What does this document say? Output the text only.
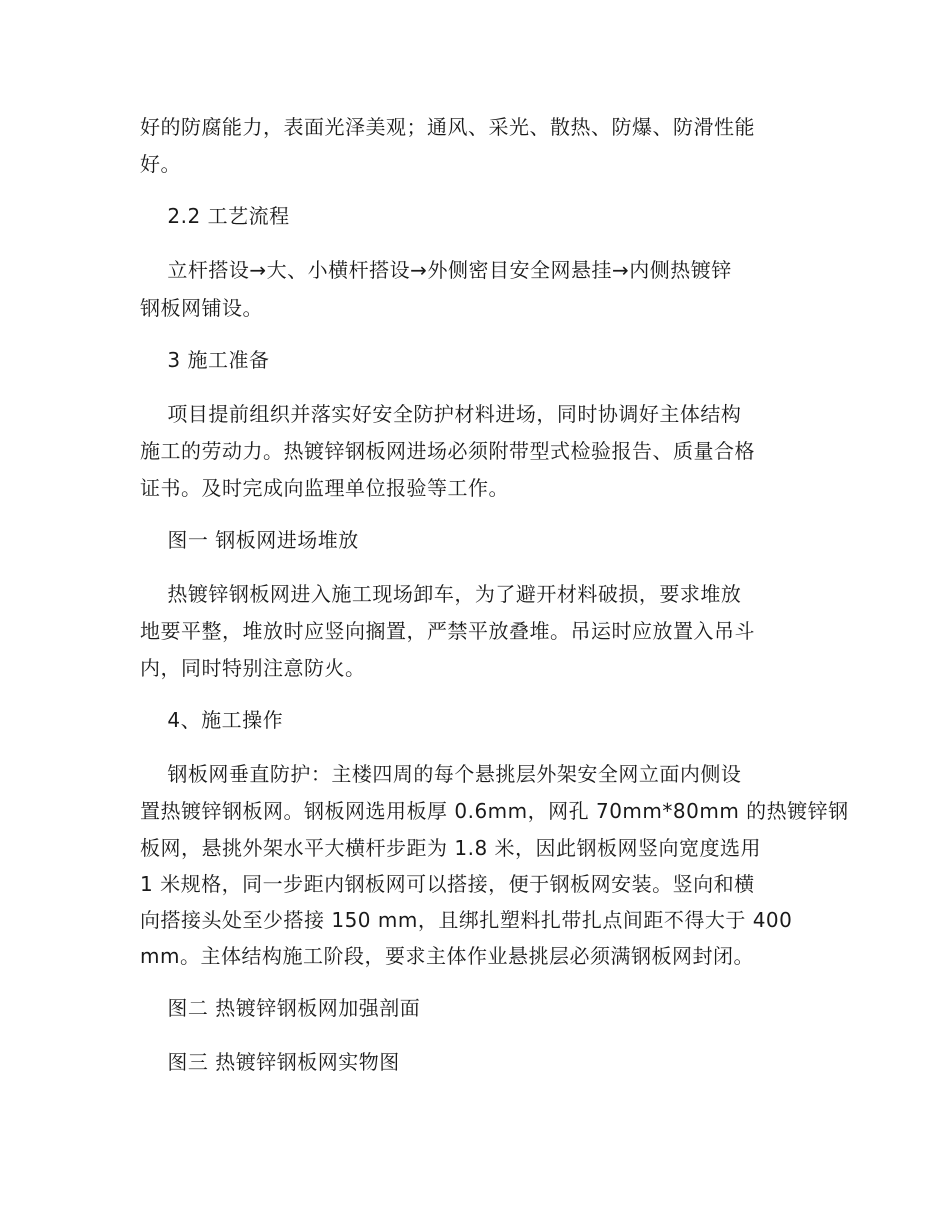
好的防腐能力，表面光泽美观；通风、采光、散热、防爆、防滑性能
好。
2.2 工艺流程
立杆搭设→大、小横杆搭设→外侧密目安全网悬挂→内侧热镀锌
钢板网铺设。
3 施工准备
项目提前组织并落实好安全防护材料进场，同时协调好主体结构
施工的劳动力。热镀锌钢板网进场必须附带型式检验报告、质量合格
证书。及时完成向监理单位报验等工作。
图一 钢板网进场堆放
热镀锌钢板网进入施工现场卸车，为了避开材料破损，要求堆放
地要平整，堆放时应竖向搁置，严禁平放叠堆。吊运时应放置入吊斗
内，同时特别注意防火。
4、施工操作
钢板网垂直防护：主楼四周的每个悬挑层外架安全网立面内侧设
置热镀锌钢板网。钢板网选用板厚 0.6mm，网孔 70mm*80mm 的热镀锌钢
板网，悬挑外架水平大横杆步距为 1.8 米，因此钢板网竖向宽度选用
1 米规格，同一步距内钢板网可以搭接，便于钢板网安装。竖向和横
向搭接头处至少搭接 150 mm，且绑扎塑料扎带扎点间距不得大于 400
mm。主体结构施工阶段，要求主体作业悬挑层必须满钢板网封闭。
图二 热镀锌钢板网加强剖面
图三 热镀锌钢板网实物图
